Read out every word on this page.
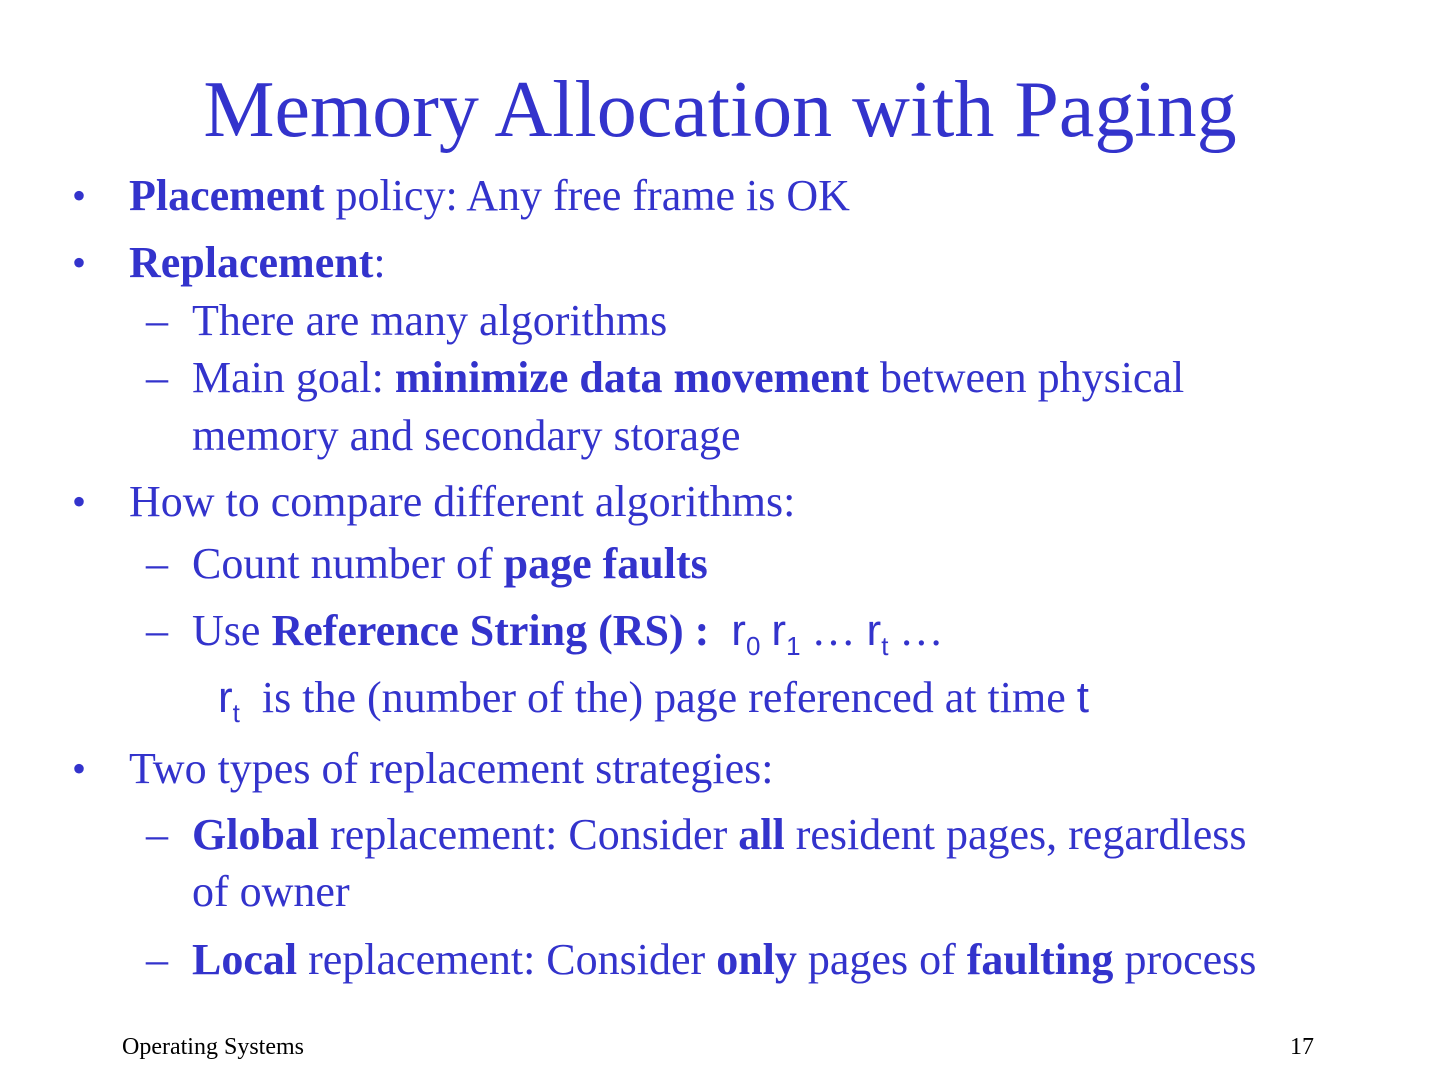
Memory Allocation with Paging
• Placement policy: Any free frame is OK
• Replacement:
– There are many algorithms
– Main goal: minimize data movement between physical
memory and secondary storage
• How to compare different algorithms:
– Count number of page faults
– Use Reference String (RS) : $r_0$ $r_1$ … $r_t$ …
$r_t$  is the (number of the) page referenced at time t
• Two types of replacement strategies:
– Global replacement: Consider all resident pages, regardless
of owner
– Local replacement: Consider only pages of faulting process
Operating Systems	17
